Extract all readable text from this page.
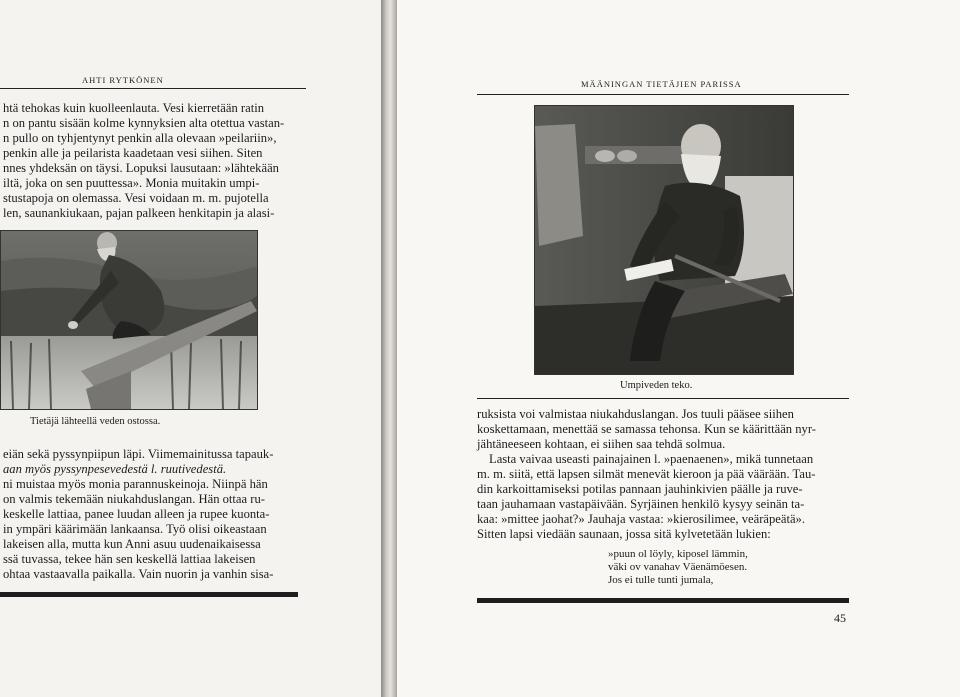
AHTI RYTKÖNEN
htä tehokas kuin kuolleenlauta. Vesi kierretään ratin
n on pantu sisään kolme kynnyksien alta otettua vastan-
n pullo on tyhjentynyt penkin alla olevaan »peilariin»,
penkin alle ja peilarista kaadetaan vesi siihen. Siten
nnes yhdeksän on täysi. Lopuksi lausutaan: »lähtekään
iltä, joka on sen puuttessa». Monia muitakin umpi-
stustapoja on olemassa. Vesi voidaan m. m. pujotella
len, saunankiukaan, pajan palkeen henkitapin ja alasi-
Tietäjä lähteellä veden ostossa.
eiän sekä pyssynpiipun läpi. Viimemainitussa tapauk-
aan myös pyssynpesevedestä l. ruutivedestä.
ni muistaa myös monia parannuskeinoja. Niinpä hän
on valmis tekemään niukahduslangan. Hän ottaa ru-
keskelle lattiaa, panee luudan alleen ja rupee kuonta-
in ympäri käärimään lankaansa. Työ olisi oikeastaan
lakeisen alla, mutta kun Anni asuu uudenaikaisessa
ssä tuvassa, tekee hän sen keskellä lattiaa lakeisen
ohtaa vastaavalla paikalla. Vain nuorin ja vanhin sisa-
MÄÄNINGAN TIETÄJIEN PARISSA
Umpiveden teko.
ruksista voi valmistaa niukahduslangan. Jos tuuli pääsee siihen
koskettamaan, menettää se samassa tehonsa. Kun se käärittään nyr-
jähtäneeseen kohtaan, ei siihen saa tehdä solmua.
Lasta vaivaa useasti painajainen l. »paenaenen», mikä tunnetaan
m. m. siitä, että lapsen silmät menevät kieroon ja pää väärään. Tau-
din karkoittamiseksi potilas pannaan jauhinkivien päälle ja ruve-
taan jauhamaan vastapäivään. Syrjäinen henkilö kysyy seinän ta-
kaa: »mittee jaohat?» Jauhaja vastaa: »kierosilimee, veäräpeätä».
Sitten lapsi viedään saunaan, jossa sitä kylvetetään lukien:
»puun ol löyly, kiposel lämmin,
väki ov vanahav Väenämöesen.
Jos ei tulle tunti jumala,
45
